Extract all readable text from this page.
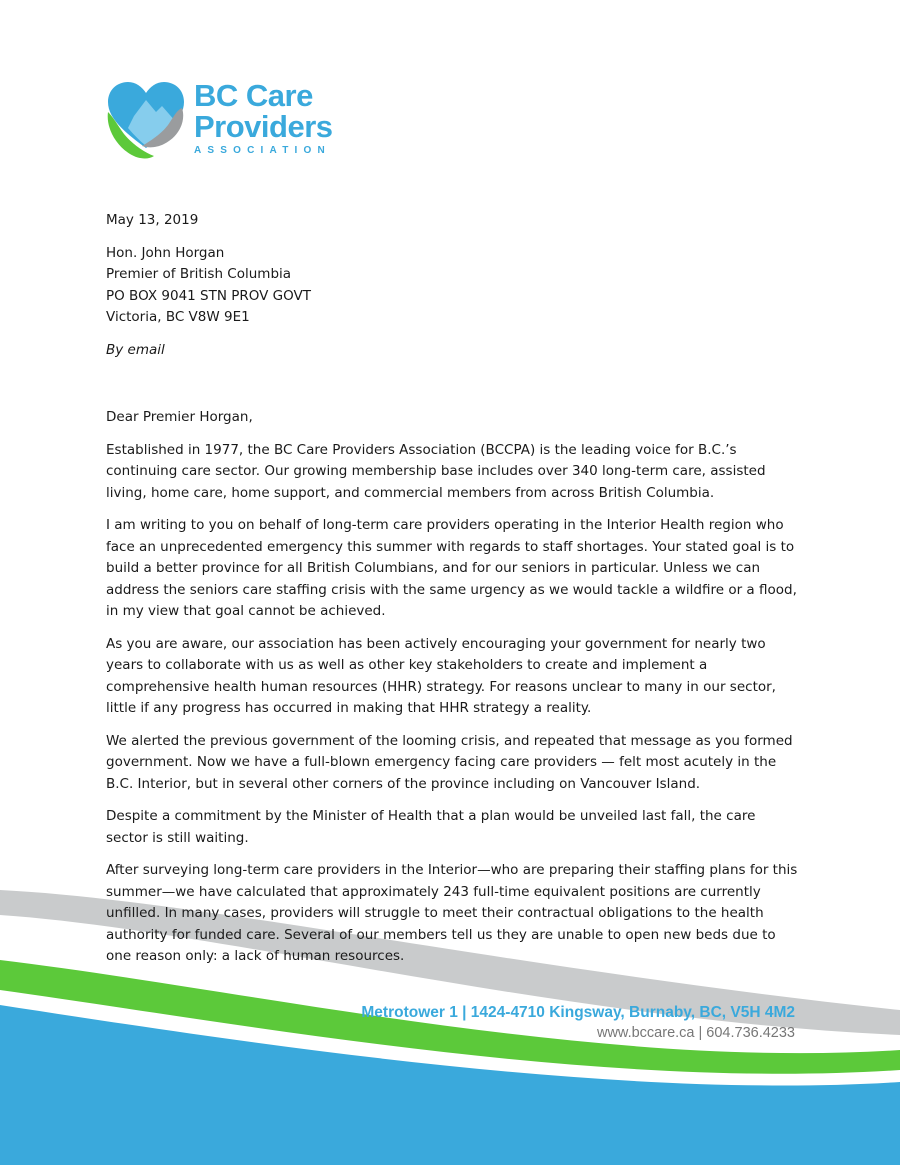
BC Care
Providers
ASSOCIATION
May 13, 2019
Hon. John Horgan
Premier of British Columbia
PO BOX 9041 STN PROV GOVT
Victoria, BC V8W 9E1
By email
Dear Premier Horgan,

Established in 1977, the BC Care Providers Association (BCCPA) is the leading voice for B.C.’s continuing care sector. Our growing membership base includes over 340 long-term care, assisted living, home care, home support, and commercial members from across British Columbia.

I am writing to you on behalf of long-term care providers operating in the Interior Health region who face an unprecedented emergency this summer with regards to staff shortages. Your stated goal is to build a better province for all British Columbians, and for our seniors in particular. Unless we can address the seniors care staffing crisis with the same urgency as we would tackle a wildfire or a flood, in my view that goal cannot be achieved.

As you are aware, our association has been actively encouraging your government for nearly two years to collaborate with us as well as other key stakeholders to create and implement a comprehensive health human resources (HHR) strategy. For reasons unclear to many in our sector, little if any progress has occurred in making that HHR strategy a reality.

We alerted the previous government of the looming crisis, and repeated that message as you formed government. Now we have a full-blown emergency facing care providers — felt most acutely in the B.C. Interior, but in several other corners of the province including on Vancouver Island.

Despite a commitment by the Minister of Health that a plan would be unveiled last fall, the care sector is still waiting.

After surveying long-term care providers in the Interior—who are preparing their staffing plans for this summer—we have calculated that approximately 243 full-time equivalent positions are currently unfilled. In many cases, providers will struggle to meet their contractual obligations to the health authority for funded care. Several of our members tell us they are unable to open new beds due to one reason only: a lack of human resources.

Metrotower 1 | 1424-4710 Kingsway, Burnaby, BC, V5H 4M2
www.bccare.ca | 604.736.4233
